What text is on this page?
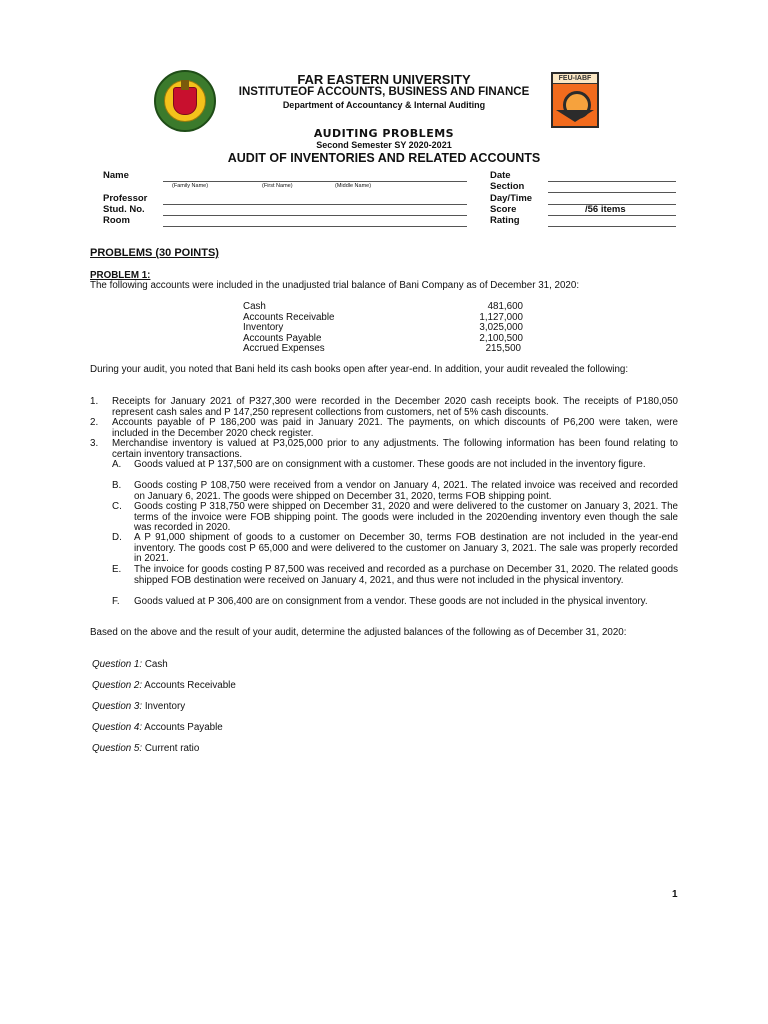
FEU-IABF
FAR EASTERN UNIVERSITY
INSTITUTEOF ACCOUNTS, BUSINESS AND FINANCE
Department of Accountancy & Internal Auditing
AUDITING PROBLEMS
Second Semester SY 2020-2021
AUDIT OF INVENTORIES AND RELATED ACCOUNTS
Name
(Family Name)	(First Name)	(Middle Name)
Professor
Stud. No.
Room
Date
Section
Day/Time
Score	/56 items
Rating
PROBLEMS (30 POINTS)
PROBLEM 1:
The following accounts were included in the unadjusted trial balance of Bani Company as of December 31, 2020:
Cash	481,600
Accounts Receivable	1,127,000
Inventory	3,025,000
Accounts Payable	2,100,500
Accrued Expenses	215,500
During your audit, you noted that Bani held its cash books open after year-end. In addition, your audit revealed the following:
1. Receipts for January 2021 of P327,300 were recorded in the December 2020 cash receipts book. The receipts of P180,050 represent cash sales and P 147,250 represent collections from customers, net of 5% cash discounts.
2. Accounts payable of P 186,200 was paid in January 2021. The payments, on which discounts of P6,200 were taken, were included in the December 2020 check register.
3. Merchandise inventory is valued at P3,025,000 prior to any adjustments. The following information has been found relating to certain inventory transactions.
A. Goods valued at P 137,500 are on consignment with a customer. These goods are not included in the inventory figure.
B. Goods costing P 108,750 were received from a vendor on January 4, 2021. The related invoice was received and recorded on January 6, 2021. The goods were shipped on December 31, 2020, terms FOB shipping point.
C. Goods costing P 318,750 were shipped on December 31, 2020 and were delivered to the customer on January 3, 2021. The terms of the invoice were FOB shipping point. The goods were included in the 2020ending inventory even though the sale was recorded in 2020.
D. A P 91,000 shipment of goods to a customer on December 30, terms FOB destination are not included in the year-end inventory. The goods cost P 65,000 and were delivered to the customer on January 3, 2021. The sale was properly recorded in 2021.
E. The invoice for goods costing P 87,500 was received and recorded as a purchase on December 31, 2020. The related goods shipped FOB destination were received on January 4, 2021, and thus were not included in the physical inventory.
F. Goods valued at P 306,400 are on consignment from a vendor. These goods are not included in the physical inventory.
Based on the above and the result of your audit, determine the adjusted balances of the following as of December 31, 2020:
Question 1: Cash
Question 2: Accounts Receivable
Question 3: Inventory
Question 4: Accounts Payable
Question 5: Current ratio
1
